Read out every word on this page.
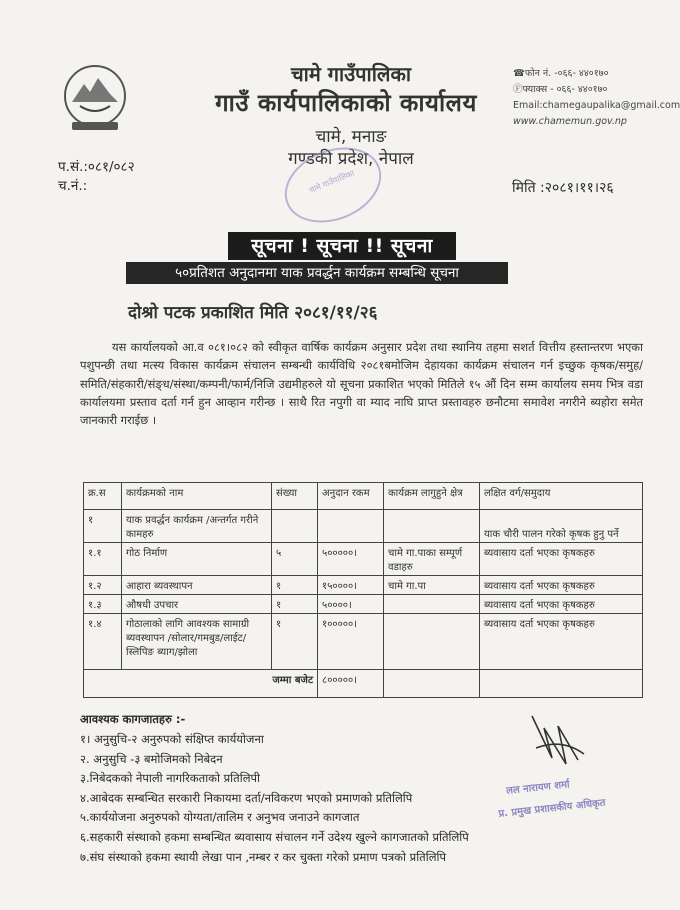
चामे गाउँपालिका
गाउँ कार्यपालिकाको कार्यालय
चामे, मनाङ
गण्डकी प्रदेश, नेपाल
☎फोन नं. -०६६- ४४०१७०
Ⓕफ्याक्स - ०६६- ४४०१७०
Email:chamegaupalika@gmail.com
www.chamemun.gov.np
प.सं.:०८१/०८२
च.नं.:	चामे गाउँपालिका	मिति :२०८१।११।२६
सूचना ! सूचना !! सूचना
५०प्रतिशत अनुदानमा याक प्रवर्द्धन कार्यक्रम सम्बन्धि सूचना
दोश्रो पटक प्रकाशित मिति २०८१/११/२६

यस कार्यालयको आ.व ०८१।०८२ को स्वीकृत वार्षिक कार्यक्रम अनुसार प्रदेश तथा स्थानिय तहमा सशर्त वित्तीय हस्तान्तरण भएका पशुपन्छी तथा मत्स्य विकास कार्यक्रम संचालन सम्बन्धी कार्यविधि २०८१बमोजिम देहायका कार्यक्रम संचालन गर्न इच्छुक कृषक/समुह/समिति/संहकारी/संङ्ध/संस्था/कम्पनी/फार्म/निजि उद्यमीहरुले यो सूचना प्रकाशित भएको मितिले १५ औं दिन सम्म कार्यालय समय भित्र वडा कार्यालयमा प्रस्ताव दर्ता गर्न हुन आव्हान गरीन्छ । साथै रित नपुगी वा म्याद नाघि प्राप्त प्रस्तावहरु छनौटमा समावेश नगरीने ब्यहोरा समेत जानकारी गराईछ ।

क्र.स	कार्यक्रमको नाम	संख्या	अनुदान रकम	कार्यक्रम लागुहुने क्षेत्र	लक्षित वर्ग/समुदाय
१	याक प्रवर्द्धन कार्यक्रम /अन्तर्गत गरीने कामहरु				याक चौरी पालन गरेको कृषक हुनु पर्ने
१.१	गोठ निर्माण	५	५०००००।	चामे गा.पाका सम्पूर्ण वडाहरु	ब्यवासाय दर्ता भएका कृषकहरु
१.२	आहारा ब्यवस्थापन	१	१५००००।	चामे गा.पा	ब्यवासाय दर्ता भएका कृषकहरु
१.३	औषधी उपचार	१	५००००।		ब्यवासाय दर्ता भएका कृषकहरु
१.४	गोठालाको लागि आवश्यक सामाग्री ब्यवस्थापन /सोलार/गमबुड/लाईट/स्लिपिङ ब्याग/झोला	१	१०००००।		ब्यवासाय दर्ता भएका कृषकहरु
जम्मा बजेट			८०००००।		
आवश्यक कागजातहरु :-
१। अनुसुचि-२ अनुरुपको संक्षिप्त कार्ययोजना
२. अनुसुचि -३ बमोजिमको निबेदन
३.निबेदकको नेपाली नागरिकताको प्रतिलिपी
४.आबेदक सम्बन्धित सरकारी निकायमा दर्ता/नविकरण भएको प्रमाणको प्रतिलिपि
५.कार्ययोजना अनुरुपको योग्यता/तालिम र अनुभव जनाउने कागजात
६.सहकारी संस्थाको हकमा सम्बन्धित ब्यवासाय संचालन गर्ने उदेश्य खुल्ने कागजातको प्रतिलिपि
७.संघ संस्थाको हकमा स्थायी लेखा पान ,नम्बर र कर चुक्ता गरेको प्रमाण पत्रको प्रतिलिपि
लल नारायण शर्मा
प्र. प्रमुख प्रशासकीय अधिकृत
